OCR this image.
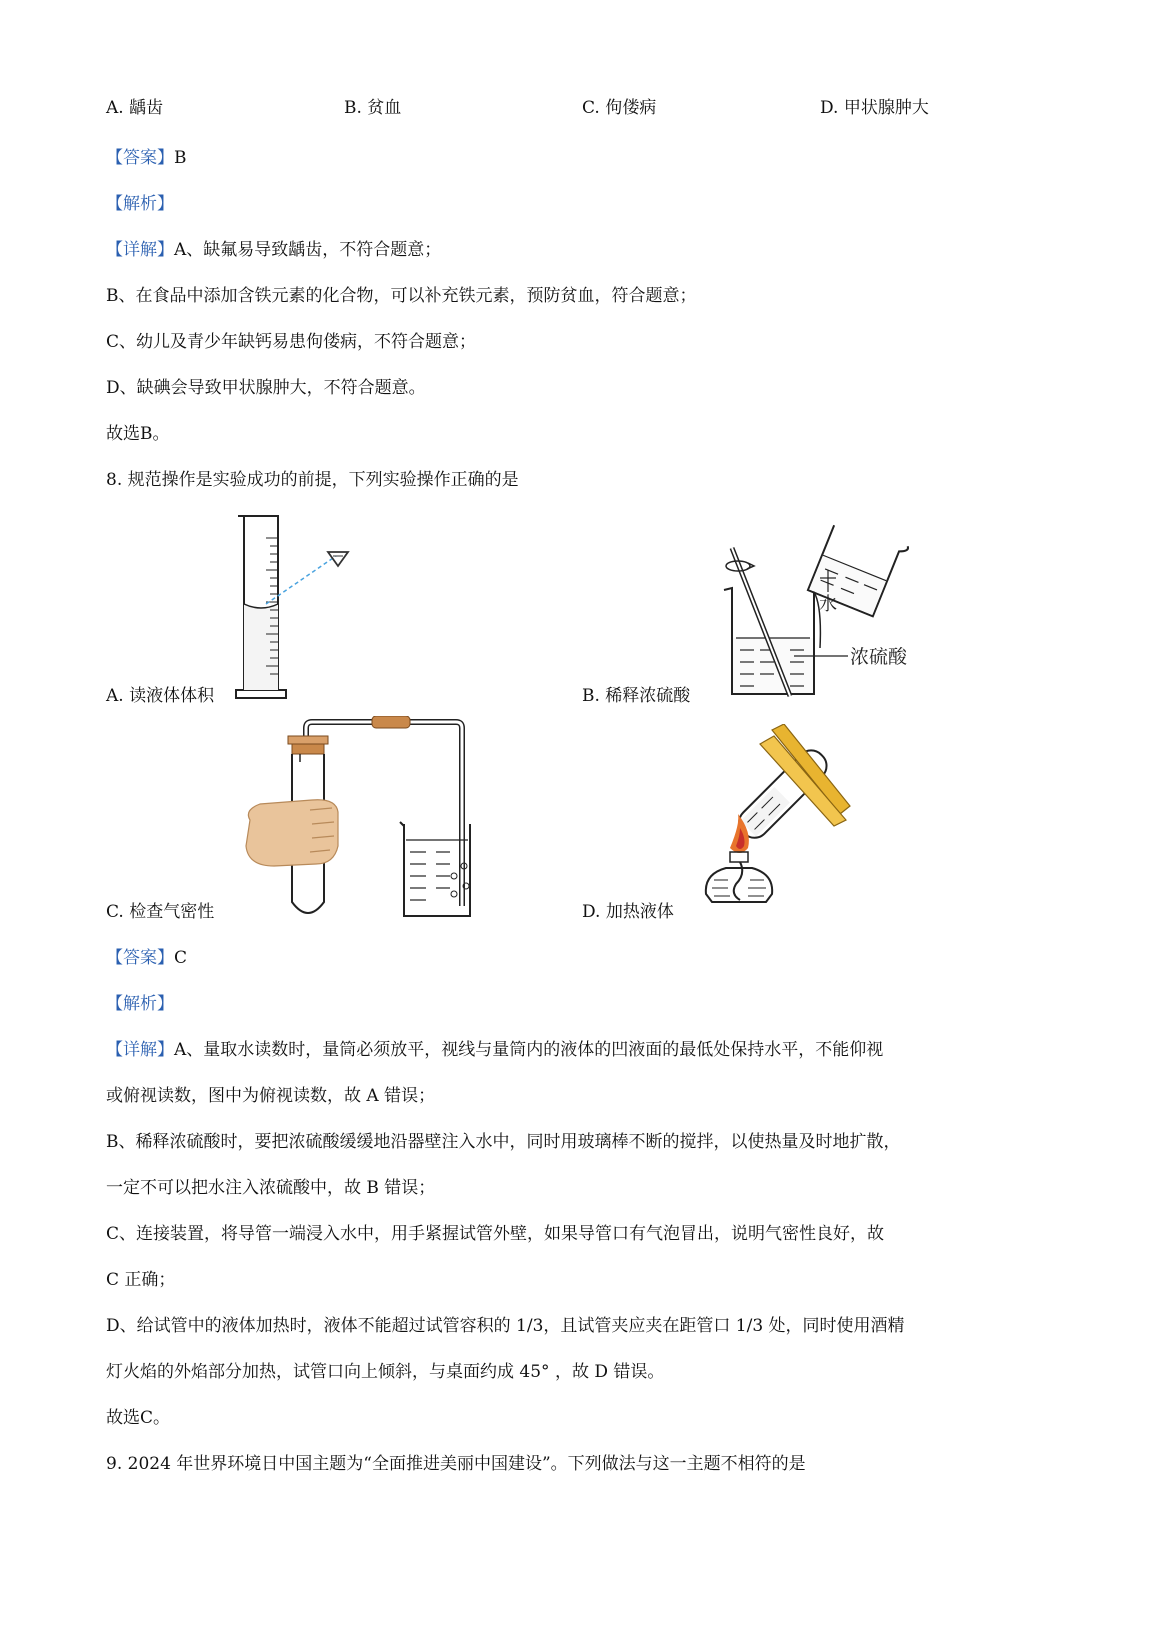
A. 龋齿	B. 贫血	C. 佝偻病	D. 甲状腺肿大
【答案】B
【解析】
【详解】A、缺氟易导致龋齿，不符合题意；
B、在食品中添加含铁元素的化合物，可以补充铁元素，预防贫血，符合题意；
C、幼儿及青少年缺钙易患佝偻病，不符合题意；
D、缺碘会导致甲状腺肿大，不符合题意。
故选B。
8. 规范操作是实验成功的前提，下列实验操作正确的是
A. 读液体体积
水
浓硫酸
B. 稀释浓硫酸
C. 检查气密性	D. 加热液体
【答案】C
【解析】
【详解】A、量取水读数时，量筒必须放平，视线与量筒内的液体的凹液面的最低处保持水平，不能仰视
或俯视读数，图中为俯视读数，故 A 错误；
B、稀释浓硫酸时，要把浓硫酸缓缓地沿器壁注入水中，同时用玻璃棒不断的搅拌，以使热量及时地扩散，
一定不可以把水注入浓硫酸中，故 B 错误；
C、连接装置，将导管一端浸入水中，用手紧握试管外壁，如果导管口有气泡冒出，说明气密性良好，故
C 正确；
D、给试管中的液体加热时，液体不能超过试管容积的 1/3，且试管夹应夹在距管口 1/3 处，同时使用酒精
灯火焰的外焰部分加热，试管口向上倾斜，与桌面约成 45° ，故 D 错误。
故选C。
9. 2024 年世界环境日中国主题为“全面推进美丽中国建设”。下列做法与这一主题不相符的是
